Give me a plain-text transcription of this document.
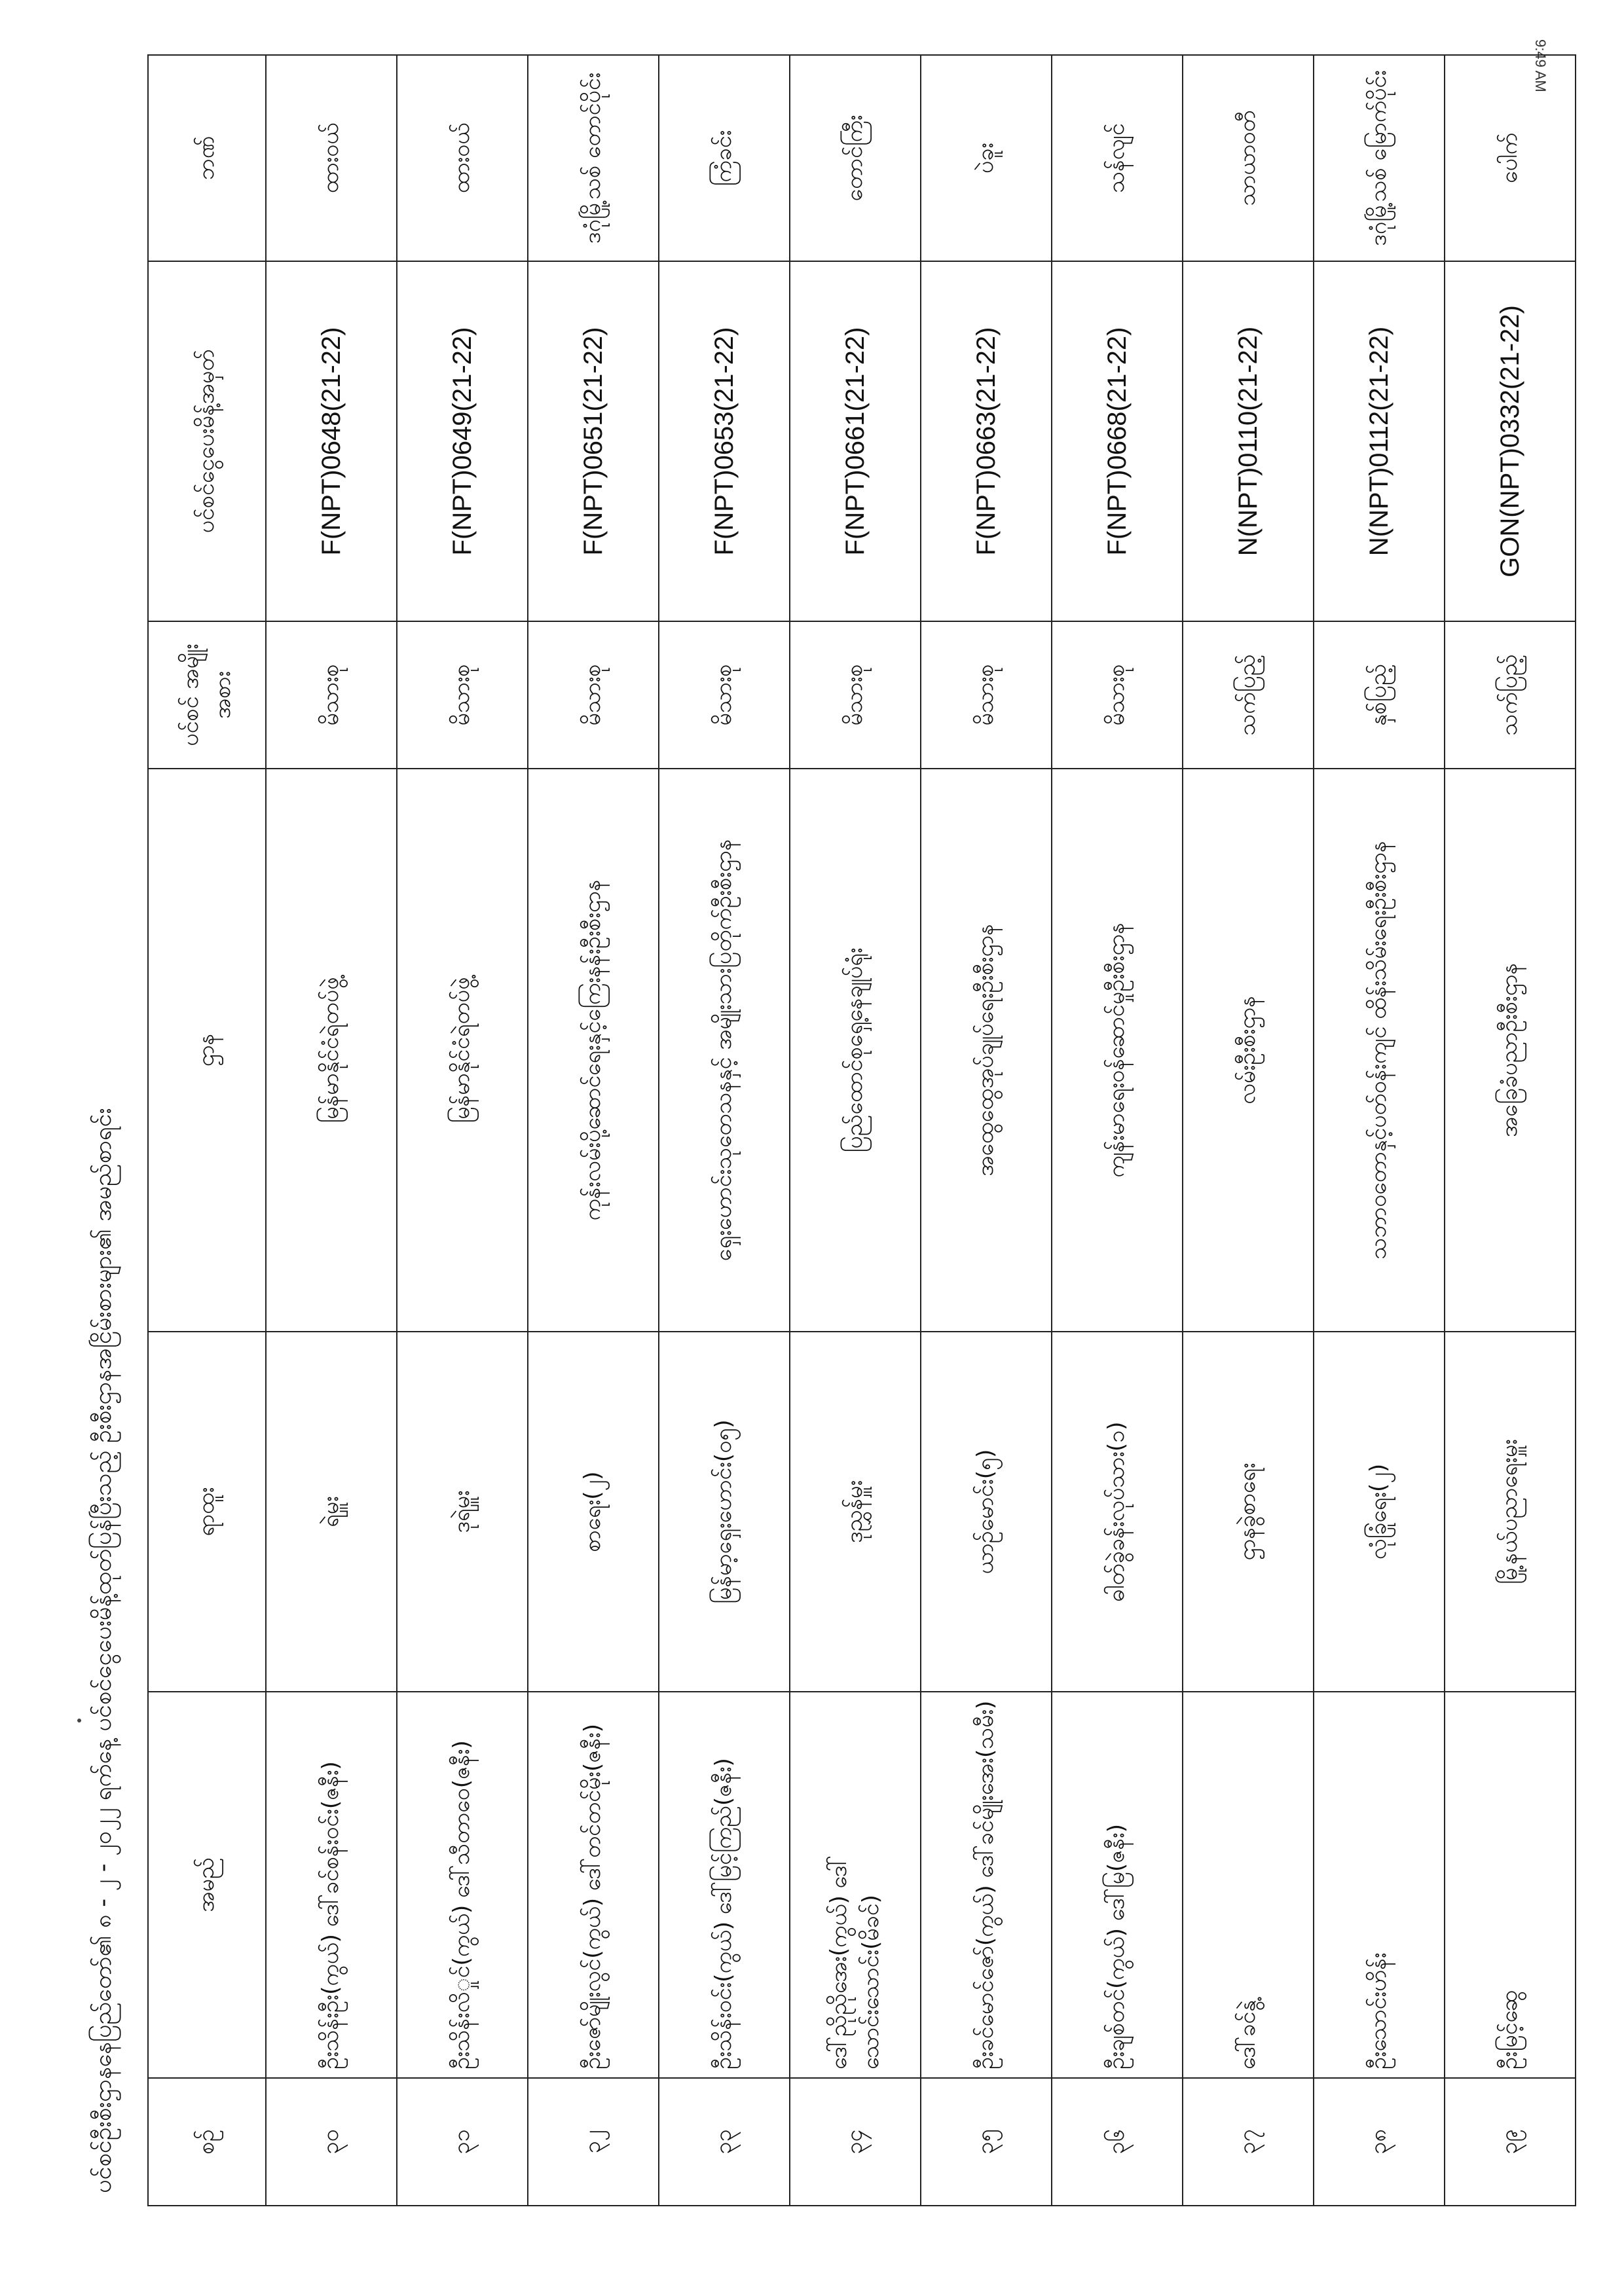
9:49 AM
ပင်စင်ဦးစီးဌာနနေပြည်တော်၏ ၈ - ၂ - ၂၀၂၂ ရက်နေ့ ပင်စင်ငွေပေးမိန့်ထုတ်ပြန်ပြီးသည့် ဦးစီးဌာနအငြိမ်းစားများ၏ အမည်စာရင်း	စဉ်	အမည်	ရာထူး	ဌာန	ပင်စင် အမျိုးအစား	ပင်စင်ငွေပေးမိန့်အမှတ်	ဘဏ်
၃၀	ဦးသိန်းဦး(ကွယ်) ဒေါ်ခင်စန်းဝင်း(ဇနီး)	ရဲမှူး	မြန်မာနိုင်ငံရဲတပ်ဖွဲ့	မိသားစု	F(NPT)0648(21-22)	ထားဝယ်
၃၁	ဦးသိန်းလိှုင်(ကွယ်) ဒေါ်သီတာဝေ(ဇနီး)	ဒုရဲမှူး	မြန်မာနိုင်ငံရဲတပ်ဖွဲ့	မိသားစု	F(NPT)0649(21-22)	ထားဝယ်
၃၂	ဦးဇော်မျိုးလွင်(ကွယ်) ဒေါ်တင်တင်မိုး(ဇနီး)	စာရေး(၂)	ကုန်းလမ်းပို့ဆောင်ရေးနှင့်ကြေးနန်းဦးစီးဌာန	မိသားစု	F(NPT)0651(21-22)	ဒဂုံမြို့သစ် တောင်ပိုင်း
၃၃	ဦးသိန်းဝင်း(ကွယ်) ဒေါ်မြင့်ကြည်(ဇနီး)	မြန်မာ့ရှေးဟောင်း(ဝ၅)	ရှေးဟောင်းသုတေသနနှင့် အမျိုးသားပြတိုက်ဦးစီးဌာန	မိသားစု	F(NPT)0653(21-22)	ကြံခင်း
၃၄	ဒေါ်ညိုညိုအေး(ကွယ်) ဒေါ်သောင်းသောင်း(မိခင်)	ဒုညွှန်မှူး	ပြည်ထောင်စုရှေ့နေချုပ်ရုံး	မိသားစု	F(NPT)0661(21-22)	တောင်ကြီး
၃၅	ဦးခင်မောင်ဇော်(ကွယ်) ဒေါ်ခင်မျိုးအေး(သမီး)	ယာဉ်မောင်း(၅)	အထွေထွေအုပ်ချုပ်ရေးဦးစီးဌာန	မိသားစု	F(NPT)0663(21-22)	ပဲခူး
၃၆	ဦးချစ်တင်(ကွယ်) ဒေါ်မြ(ဇနီး)	ဓါတ်ခွဲခန်းလုပ်သား(၁)	ကျန်းမာရေးဝန်ဆောင်မှုဦးစီးဌာန	မိသားစု	F(NPT)0668(21-22)	သန်လျင်
၃၇	ဒေါ်ခင်နွဲ့	ဌာနခွဲစာရေး	လမ်းဦးစီးဌာန	သက်ပြည့်	N(NPT)0110(21-22)	သာယာဝတီ
၃၈	ဦးသောင်းဟိန်း	လုံခြုံရေး(၂)	သဘာဝတောနှင့်ပတ်ဝန်းကျင် ထိန်းသိမ်းရေးဦးစီးဌာန	နှစ်ပြည့်	N(NPT)0112(21-22)	ဒဂုံမြို့သစ် မြောက်ပိုင်း
၃၉	ဦးမြင့်ဆွေ	မြို့နယ်ပညာရေးမှူး	အခြေခံပညာဦးစီးဌာန	သက်ပြည့်	GON(NPT)0332(21-22)	ပေါက်
